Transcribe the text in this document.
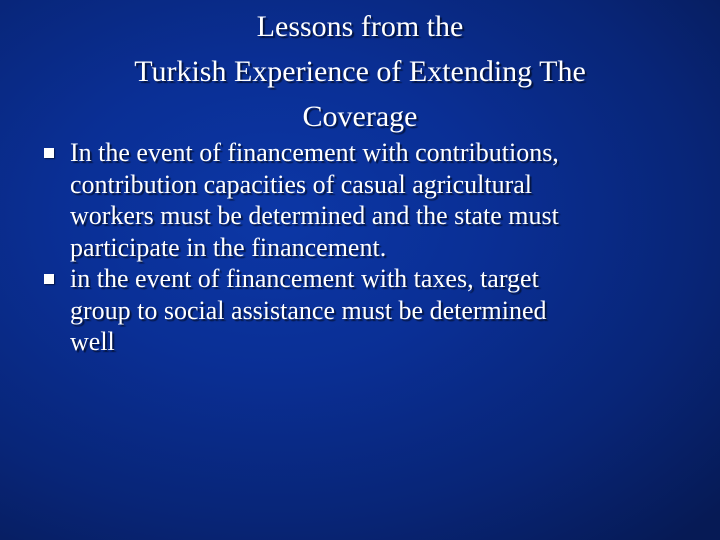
Lessons from the
Turkish Experience of Extending The
Coverage
In the event of financement with contributions,
contribution capacities of casual agricultural
workers must be determined and the state must
participate in the financement.
in the event of financement with taxes, target
group to social assistance must be determined
well
